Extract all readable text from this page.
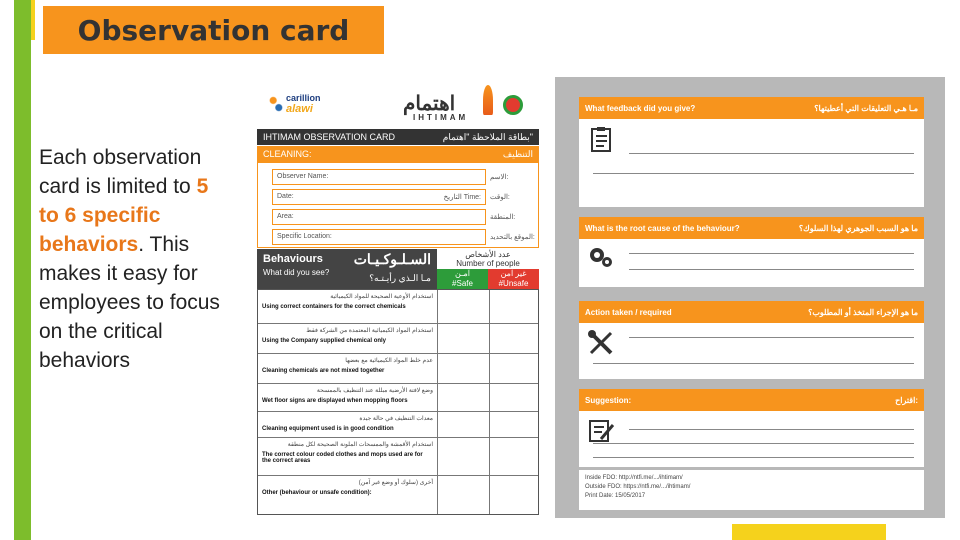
Observation card
Each observation card is limited to 5 to 6 specific behaviors. This makes it easy for employees to focus on the critical behaviors
carillion
alawi	اهتمام
IHTIMAM
IHTIMAM OBSERVATION CARD	بطاقة الملاحظة "اهتمام"
CLEANING:	التنظيف
Observer Name:	الاسم:
Date:	التاريخ Time: الوقت:
Area:	المنطقة:
Specific Location:	الموقع بالتحديد:
Behaviours
What did you see?
السـلـوكـيـات
مـا الـذي رأيـتـه؟
عدد الأشخاص
Number of people
آمـن
#Safe
غير آمن
#Unsafe
استخدام الأوعية الصحيحة للمواد الكيميائية
Using correct containers for the correct chemicals
استخدام المواد الكيميائية المعتمدة من الشركة فقط
Using the Company supplied chemical only
عدم خلط المواد الكيميائية مع بعضها
Cleaning chemicals are not mixed together
وضع لافتة الأرضية مبللة عند التنظيف بالممسحة
Wet floor signs are displayed when mopping floors
معدات التنظيف في حالة جيدة
Cleaning equipment used is in good condition
استخدام الأقمشة والممسحات الملونة الصحيحة لكل منطقة
The correct colour coded clothes and mops used are for the correct areas
أخرى (سلوك أو وضع غير آمن)
Other (behaviour or unsafe condition):
What feedback did you give?	مـا هـي التعليقات التي أعطيتها؟
What is the root cause of the behaviour?	ما هو السبب الجوهري لهذا السلوك؟
Action taken / required	ما هو الإجراء المتخذ أو المطلوب؟
Suggestion:	اقتراح:
Inside FDO: http://ntfi.me/.../ihtimam/
Outside FDO: https://ntfi.me/.../ihtimam/
Print Date: 15/05/2017
